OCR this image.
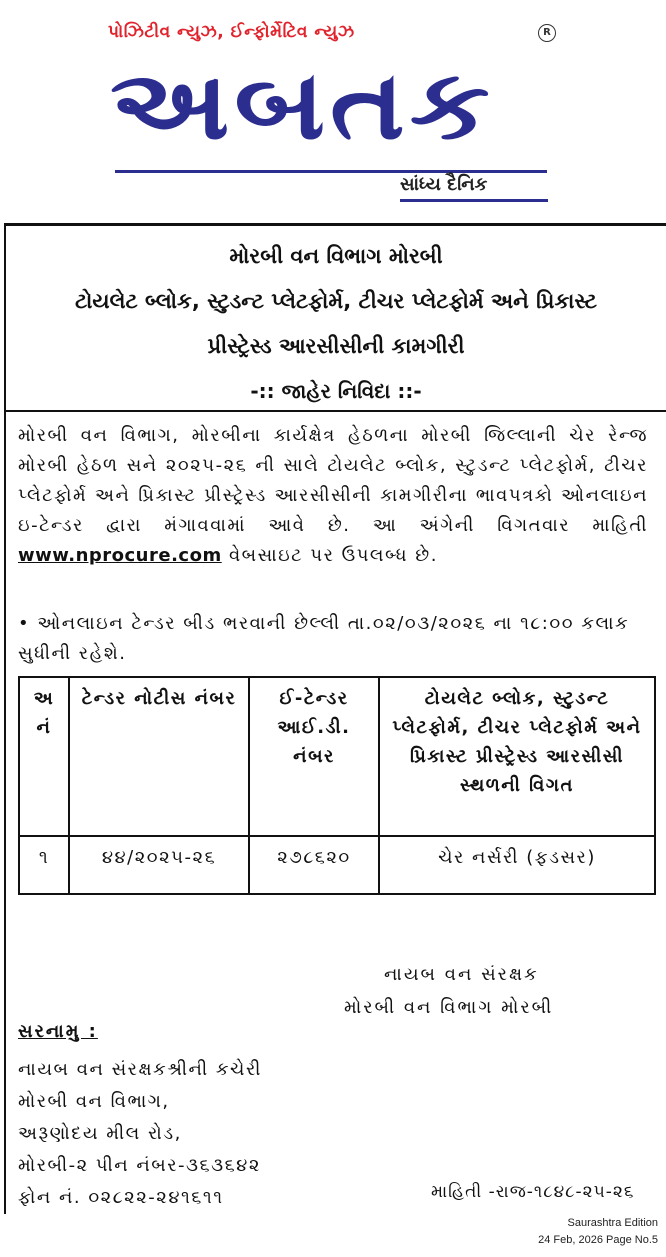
પોઝિટીવ ન્યુઝ, ઈન્ફોર્મેટિવ ન્યુઝ	R
અબતક
સાંધ્ય દૈનિક
મોરબી વન વિભાગ મોરબી
ટોયલેટ બ્લોક, સ્ટુડન્ટ પ્લેટફોર્મ, ટીચર પ્લેટફોર્મ અને પ્રિકાસ્ટ
પ્રીસ્ટ્રેસ્ડ આરસીસીની કામગીરી
-:: જાહેર નિવિદા ::-
મોરબી વન વિભાગ, મોરબીના કાર્યક્ષેત્ર હેઠળના મોરબી જિલ્લાની ચેર રેન્જ મોરબી હેઠળ સને ૨૦૨૫-૨૬ ની સાલે ટોયલેટ બ્લોક, સ્ટુડન્ટ પ્લેટફોર્મ, ટીચર પ્લેટફોર્મ અને પ્રિકાસ્ટ પ્રીસ્ટ્રેસ્ડ આરસીસીની કામગીરીના ભાવપત્રકો ઓનલાઇન ઇ-ટેન્ડર દ્વારા મંગાવવામાં આવે છે. આ અંગેની વિગતવાર માહિતી www.nprocure.com વેબસાઇટ પર ઉપલબ્ધ છે.
• ઓનલાઇન ટેન્ડર બીડ ભરવાની છેલ્લી તા.૦૨/૦૩/૨૦૨૬ ના ૧૮:૦૦ કલાક સુધીની રહેશે.
અ નં	ટેન્ડર નોટીસ નંબર	ઈ-ટેન્ડર આઈ.ડી. નંબર	ટોયલેટ બ્લોક, સ્ટુડન્ટ પ્લેટફોર્મ, ટીચર પ્લેટફોર્મ અને પ્રિકાસ્ટ પ્રીસ્ટ્રેસ્ડ આરસીસી
સ્થળની વિગત

૧	૪૪/૨૦૨૫-૨૬	૨૭૮૬૨૦	ચેર નર્સરી (ફડસર)
નાયબ વન સંરક્ષક
મોરબી વન વિભાગ મોરબી
સરનામુ :
નાયબ વન સંરક્ષકશ્રીની કચેરી
મોરબી વન વિભાગ,
અરૂણોદય મીલ રોડ,
મોરબી-૨ પીન નંબર-૩૬૩૬૪૨
ફોન નં. ૦૨૮૨૨-૨૪૧૬૧૧	માહિતી -રાજ-૧૮૪૮-૨૫-૨૬
Saurashtra Edition
24 Feb, 2026 Page No.5
